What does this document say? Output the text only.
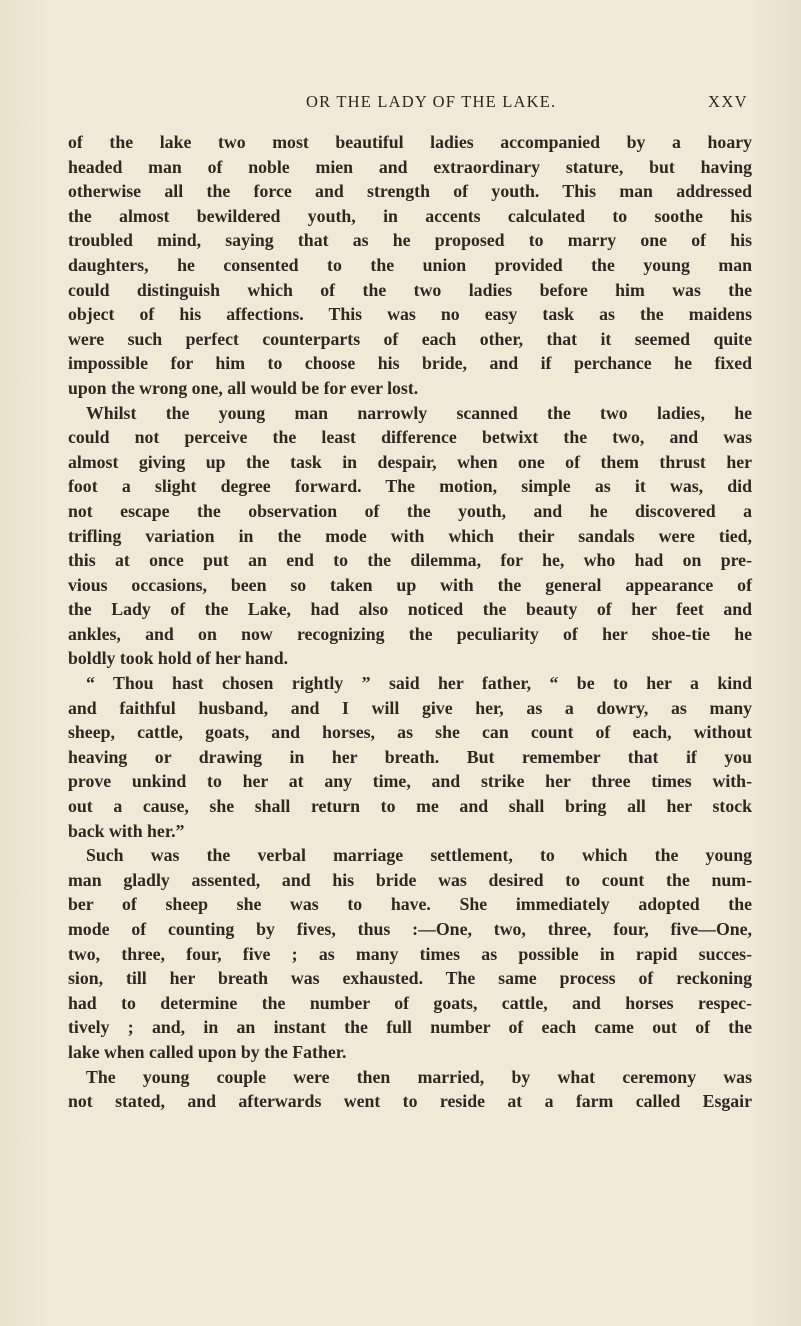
OR THE LADY OF THE LAKE.	XXV
of the lake two most beautiful ladies accompanied by a hoary
headed man of noble mien and extraordinary stature, but having
otherwise all the force and strength of youth. This man addressed
the almost bewildered youth, in accents calculated to soothe his
troubled mind, saying that as he proposed to marry one of his
daughters, he consented to the union provided the young man
could distinguish which of the two ladies before him was the
object of his affections. This was no easy task as the maidens
were such perfect counterparts of each other, that it seemed quite
impossible for him to choose his bride, and if perchance he fixed
upon the wrong one, all would be for ever lost.
Whilst the young man narrowly scanned the two ladies, he
could not perceive the least difference betwixt the two, and was
almost giving up the task in despair, when one of them thrust her
foot a slight degree forward. The motion, simple as it was, did
not escape the observation of the youth, and he discovered a
trifling variation in the mode with which their sandals were tied,
this at once put an end to the dilemma, for he, who had on pre-
vious occasions, been so taken up with the general appearance of
the Lady of the Lake, had also noticed the beauty of her feet and
ankles, and on now recognizing the peculiarity of her shoe-tie he
boldly took hold of her hand.
“ Thou hast chosen rightly ” said her father, “ be to her a kind
and faithful husband, and I will give her, as a dowry, as many
sheep, cattle, goats, and horses, as she can count of each, without
heaving or drawing in her breath. But remember that if you
prove unkind to her at any time, and strike her three times with-
out a cause, she shall return to me and shall bring all her stock
back with her.”
Such was the verbal marriage settlement, to which the young
man gladly assented, and his bride was desired to count the num-
ber of sheep she was to have. She immediately adopted the
mode of counting by fives, thus :—One, two, three, four, five—One,
two, three, four, five ; as many times as possible in rapid succes-
sion, till her breath was exhausted. The same process of reckoning
had to determine the number of goats, cattle, and horses respec-
tively ; and, in an instant the full number of each came out of the
lake when called upon by the Father.
The young couple were then married, by what ceremony was
not stated, and afterwards went to reside at a farm called Esgair
